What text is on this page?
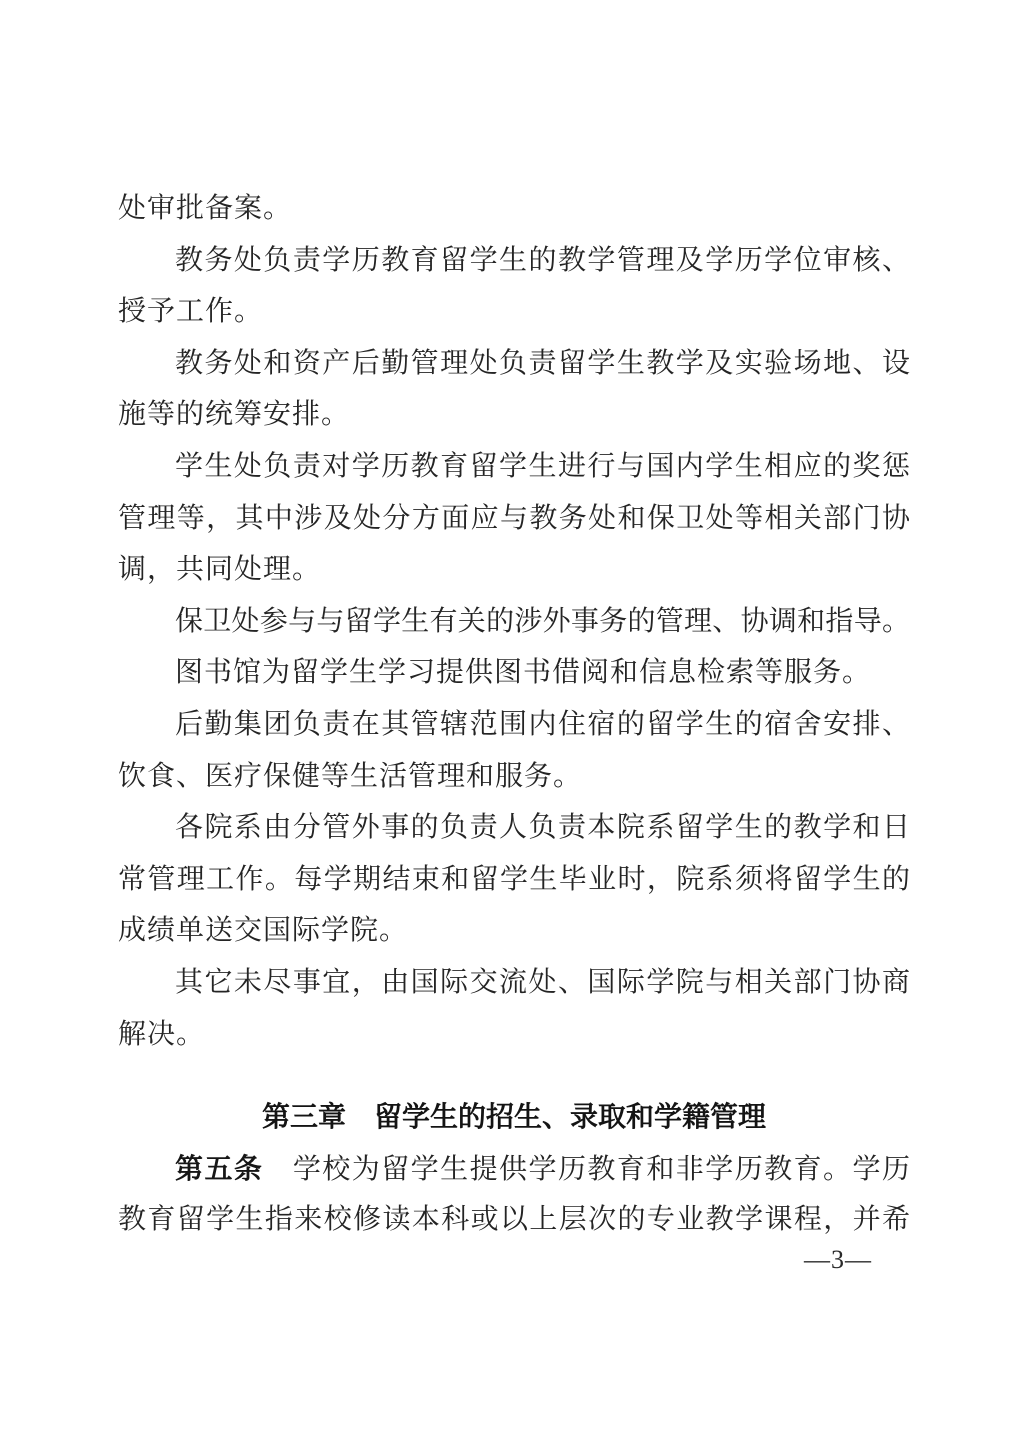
处审批备案。
教务处负责学历教育留学生的教学管理及学历学位审核、
授予工作。
教务处和资产后勤管理处负责留学生教学及实验场地、设
施等的统筹安排。
学生处负责对学历教育留学生进行与国内学生相应的奖惩
管理等，其中涉及处分方面应与教务处和保卫处等相关部门协
调，共同处理。
保卫处参与与留学生有关的涉外事务的管理、协调和指导。
图书馆为留学生学习提供图书借阅和信息检索等服务。
后勤集团负责在其管辖范围内住宿的留学生的宿舍安排、
饮食、医疗保健等生活管理和服务。
各院系由分管外事的负责人负责本院系留学生的教学和日
常管理工作。每学期结束和留学生毕业时，院系须将留学生的
成绩单送交国际学院。
其它未尽事宜，由国际交流处、国际学院与相关部门协商
解决。
第三章　留学生的招生、录取和学籍管理
第五条　学校为留学生提供学历教育和非学历教育。学历
教育留学生指来校修读本科或以上层次的专业教学课程，并希
—3—
